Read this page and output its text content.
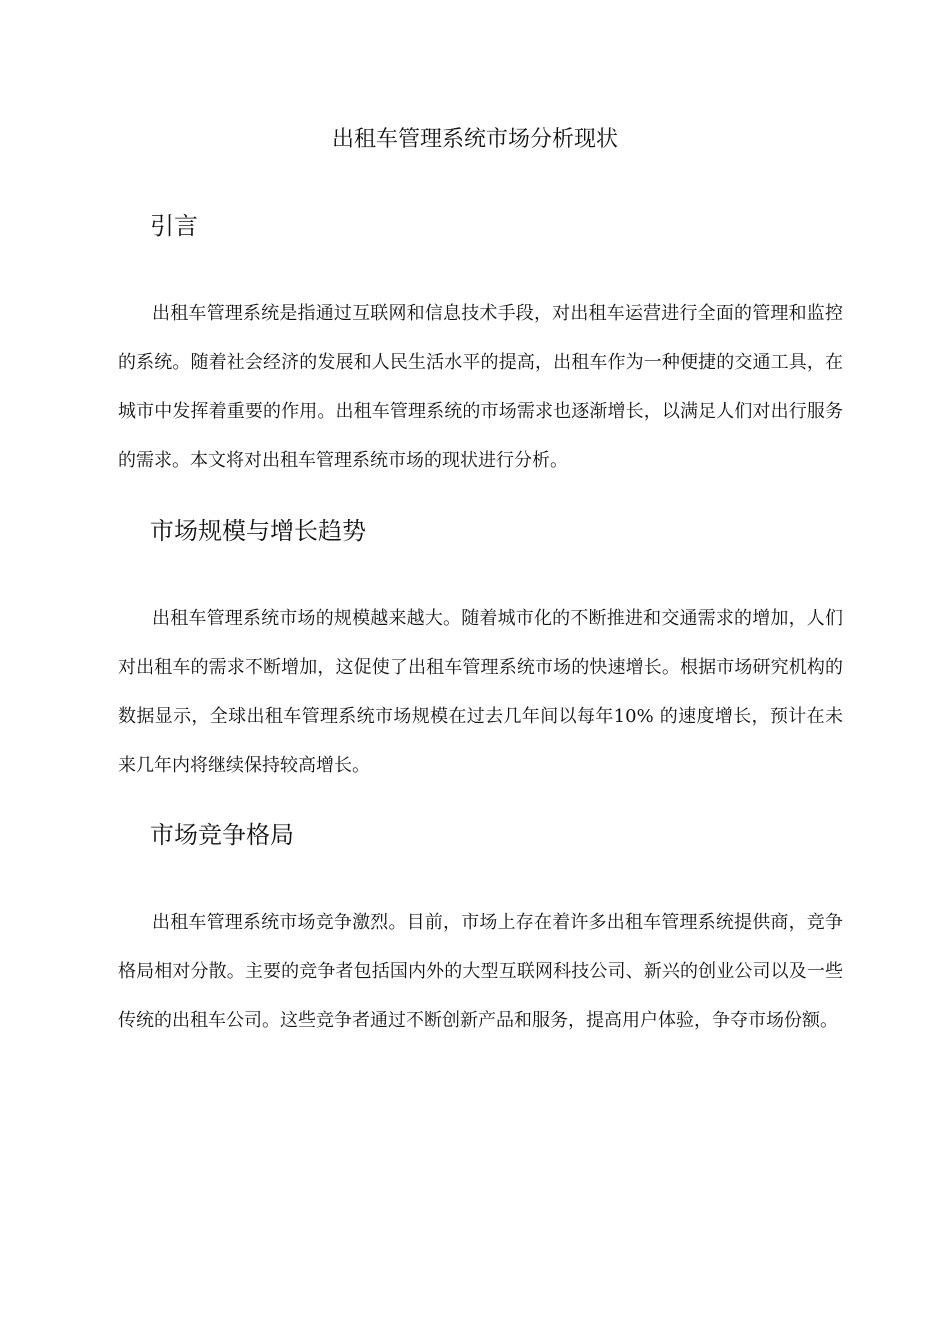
出租车管理系统市场分析现状
引言

出租车管理系统是指通过互联网和信息技术手段，对出租车运营进行全面的管理和监控的系统。随着社会经济的发展和人民生活水平的提高，出租车作为一种便捷的交通工具，在城市中发挥着重要的作用。出租车管理系统的市场需求也逐渐增长，以满足人们对出行服务的需求。本文将对出租车管理系统市场的现状进行分析。

市场规模与增长趋势

出租车管理系统市场的规模越来越大。随着城市化的不断推进和交通需求的增加，人们对出租车的需求不断增加，这促使了出租车管理系统市场的快速增长。根据市场研究机构的数据显示，全球出租车管理系统市场规模在过去几年间以每年10% 的速度增长，预计在未来几年内将继续保持较高增长。

市场竞争格局

出租车管理系统市场竞争激烈。目前，市场上存在着许多出租车管理系统提供商，竞争格局相对分散。主要的竞争者包括国内外的大型互联网科技公司、新兴的创业公司以及一些传统的出租车公司。这些竞争者通过不断创新产品和服务，提高用户体验，争夺市场份额。
